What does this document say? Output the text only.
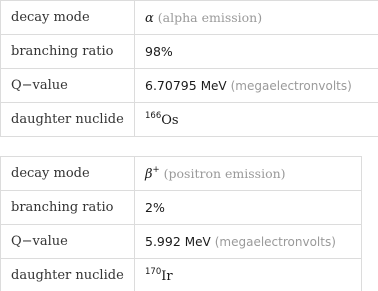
decay mode	α (alpha emission)
branching ratio	98%
Q−value	6.70795 MeV (megaelectronvolts)
daughter nuclide	$^{166}$Os
decay mode	β+ (positron emission)
branching ratio	2%
Q−value	5.992 MeV (megaelectronvolts)
daughter nuclide	$^{170}$Ir
